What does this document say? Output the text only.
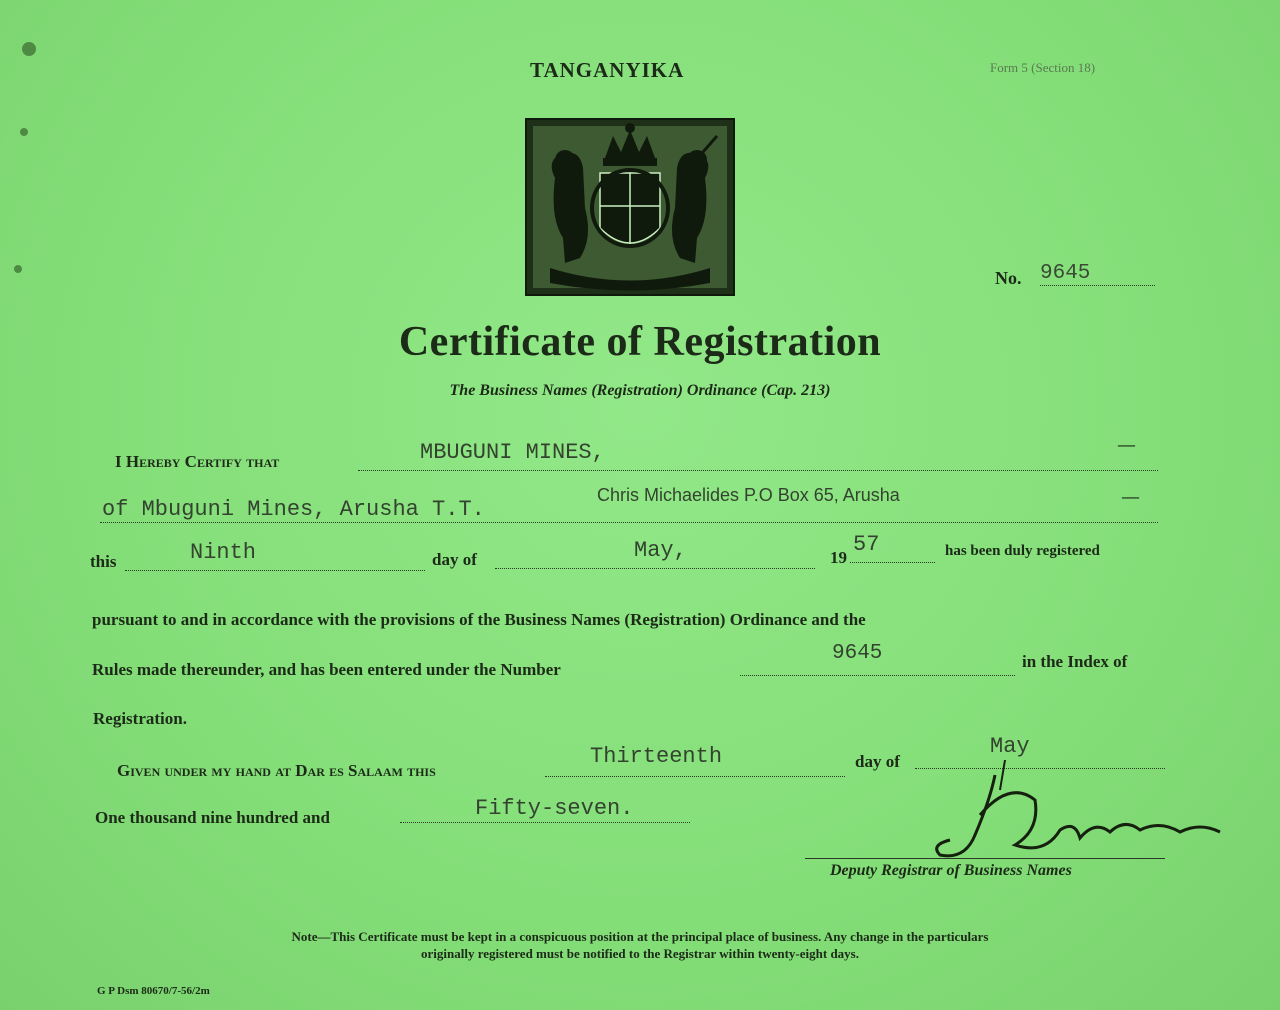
TANGANYIKA	Form 5 (Section 18)
No. 9645
Certificate of Registration
The Business Names (Registration) Ordinance (Cap. 213)
I Hereby Certify that	MBUGUNI MINES,	—
of Mbuguni Mines, Arusha T.T.
Chris Michaelides P.O Box 65, Arusha	—
this	Ninth	day of	May,	19
57	has been duly registered
pursuant to and in accordance with the provisions of the Business Names (Registration) Ordinance and the
Rules made thereunder, and has been entered under the Number
9645	in the Index of
Registration.
Given under my hand at Dar es Salaam this
Thirteenth	day of
May
One thousand nine hundred and	Fifty-seven.
Deputy Registrar of Business Names
Note—This Certificate must be kept in a conspicuous position at the principal place of business. Any change in the particulars
originally registered must be notified to the Registrar within twenty-eight days.
G P Dsm 80670/7-56/2m
